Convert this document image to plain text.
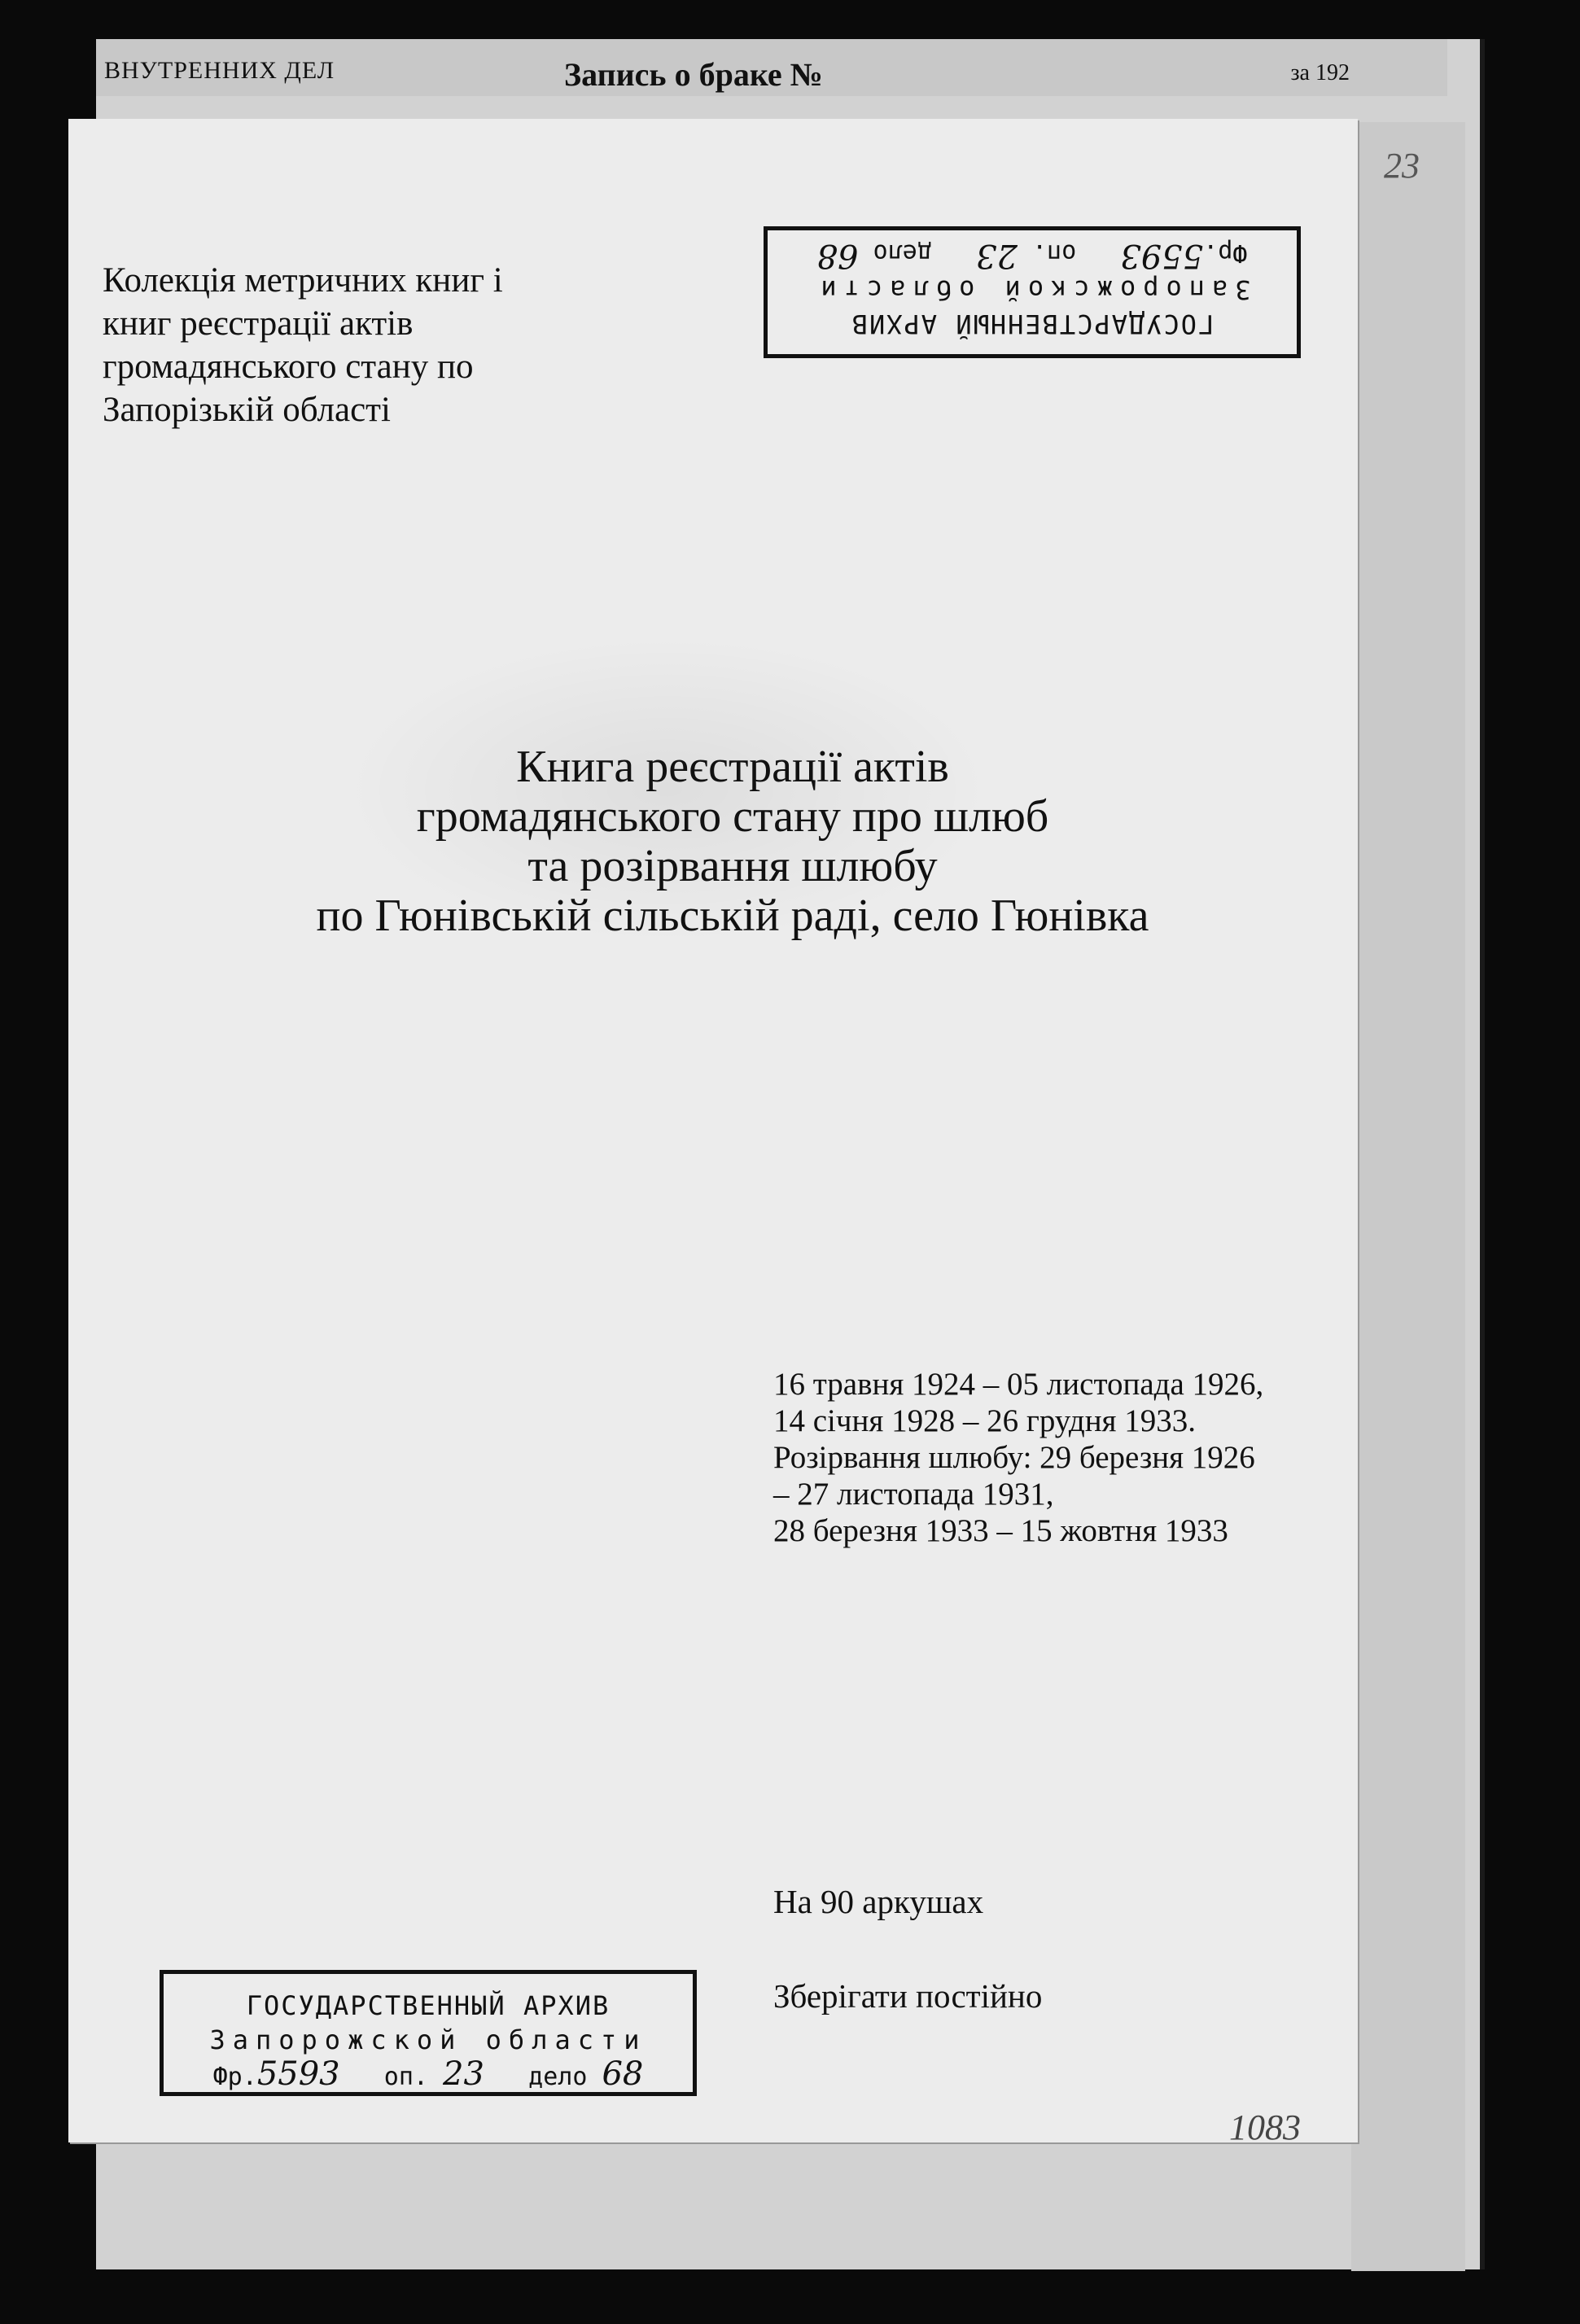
ВНУТРЕННИХ ДЕЛ	Запись о браке №	за 192
23
Колекція метричних книг і
книг реєстрації актів
громадянського стану по
Запорізькій області
ГОСУДАРСТВЕННЫЙ АРХИВ
Запорожской области
Фр.5593   оп. 23   дело 68
Книга реєстрації актів
громадянського стану про шлюб
та розірвання шлюбу
по Гюнівській сільській раді, село Гюнівка
16 травня 1924 – 05 листопада 1926,
14 січня 1928 – 26 грудня 1933.
Розірвання шлюбу: 29 березня 1926
– 27 листопада 1931,
28 березня 1933 – 15 жовтня 1933
На 90 аркушах
Зберігати постійно
ГОСУДАРСТВЕННЫЙ АРХИВ
Запорожской области
Фр.5593 оп. 23 дело 68
1083
